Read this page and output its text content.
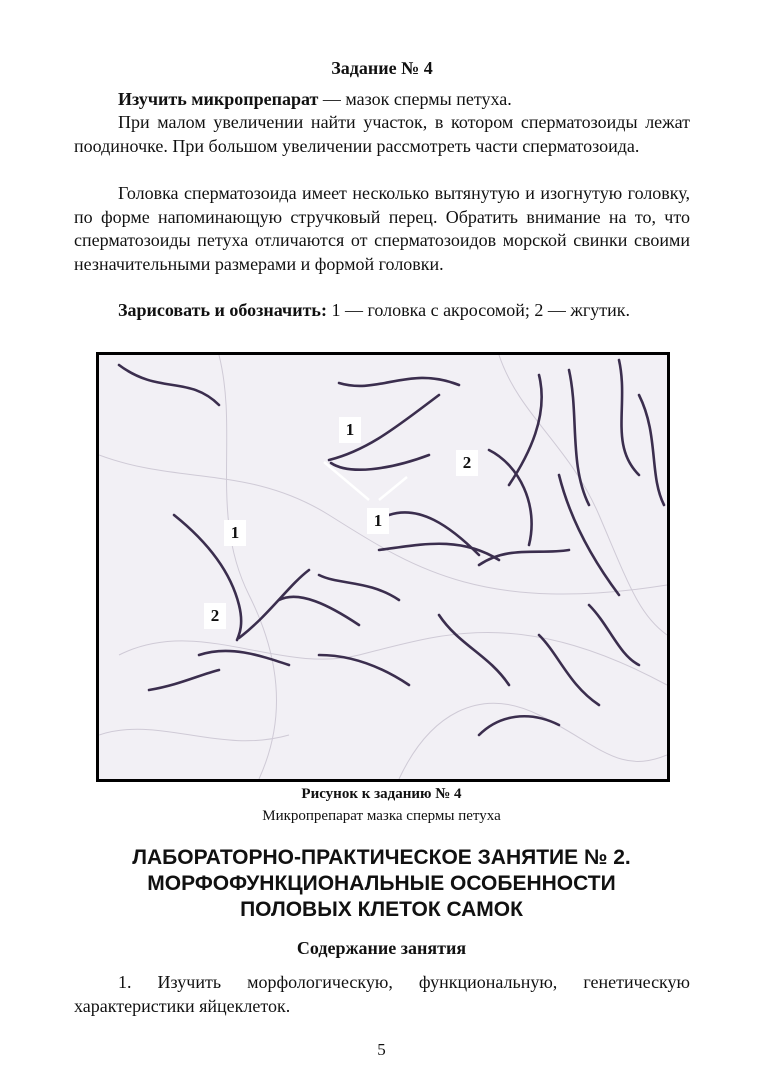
Задание № 4
Изучить микропрепарат — мазок спермы петуха.
При малом увеличении найти участок, в котором сперматозоиды лежат поодиночке. При большом увеличении рассмотреть части сперматозоида.
Головка сперматозоида имеет несколько вытянутую и изогнутую головку, по форме напоминающую стручковый перец. Обратить внимание на то, что сперматозоиды петуха отличаются от сперматозоидов морской свинки своими незначительными размерами и формой головки.
Зарисовать и обозначить: 1 — головка с акросомой; 2 — жгутик.
1
2
1
1
2
Рисунок к заданию № 4
Микропрепарат мазка спермы петуха
ЛАБОРАТОРНО-ПРАКТИЧЕСКОЕ ЗАНЯТИЕ № 2.
МОРФОФУНКЦИОНАЛЬНЫЕ ОСОБЕННОСТИ
ПОЛОВЫХ КЛЕТОК САМОК
Содержание занятия
1. Изучить морфологическую, функциональную, генетическую характеристики яйцеклеток.
5
